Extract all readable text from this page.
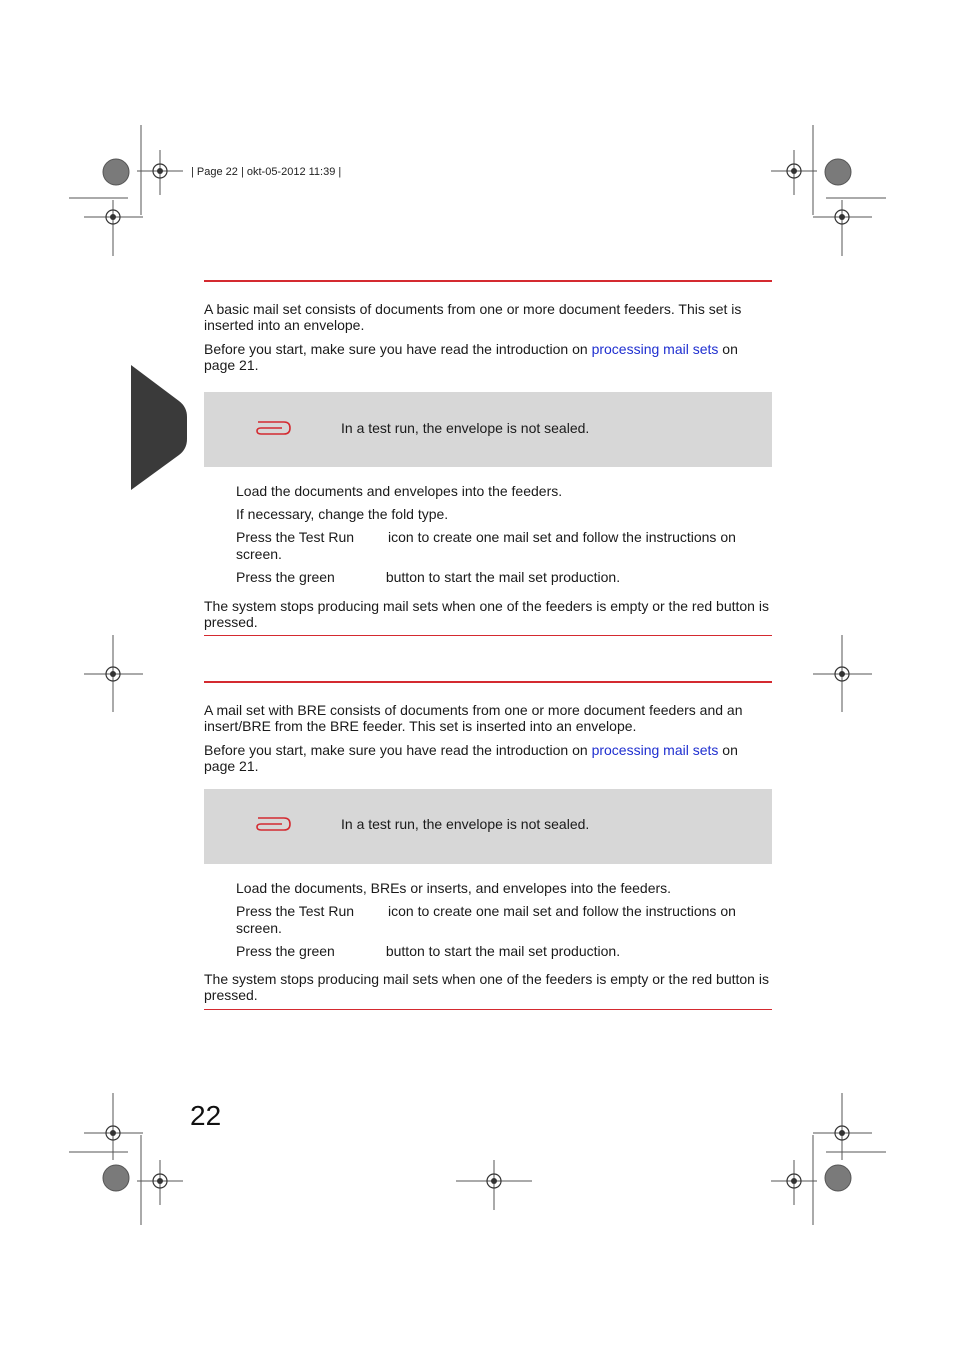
| Page 22 | okt-05-2012 11:39 |
A basic mail set consists of documents from one or more document feeders. This set is inserted into an envelope.
Before you start, make sure you have read the introduction on processing mail sets on page 21.
In a test run, the envelope is not sealed.
Load the documents and envelopes into the feeders.
If necessary, change the fold type.
Press the Test Run icon to create one mail set and follow the instructions on screen.
Press the green	button to start the mail set production.
The system stops producing mail sets when one of the feeders is empty or the red button is pressed.
A mail set with BRE consists of documents from one or more document feeders and an insert/BRE from the BRE feeder. This set is inserted into an envelope.
Before you start, make sure you have read the introduction on processing mail sets on page 21.
In a test run, the envelope is not sealed.
Load the documents, BREs or inserts, and envelopes into the feeders.
Press the Test Run icon to create one mail set and follow the instructions on screen.
Press the green	button to start the mail set production.
The system stops producing mail sets when one of the feeders is empty or the red button is pressed.
22
